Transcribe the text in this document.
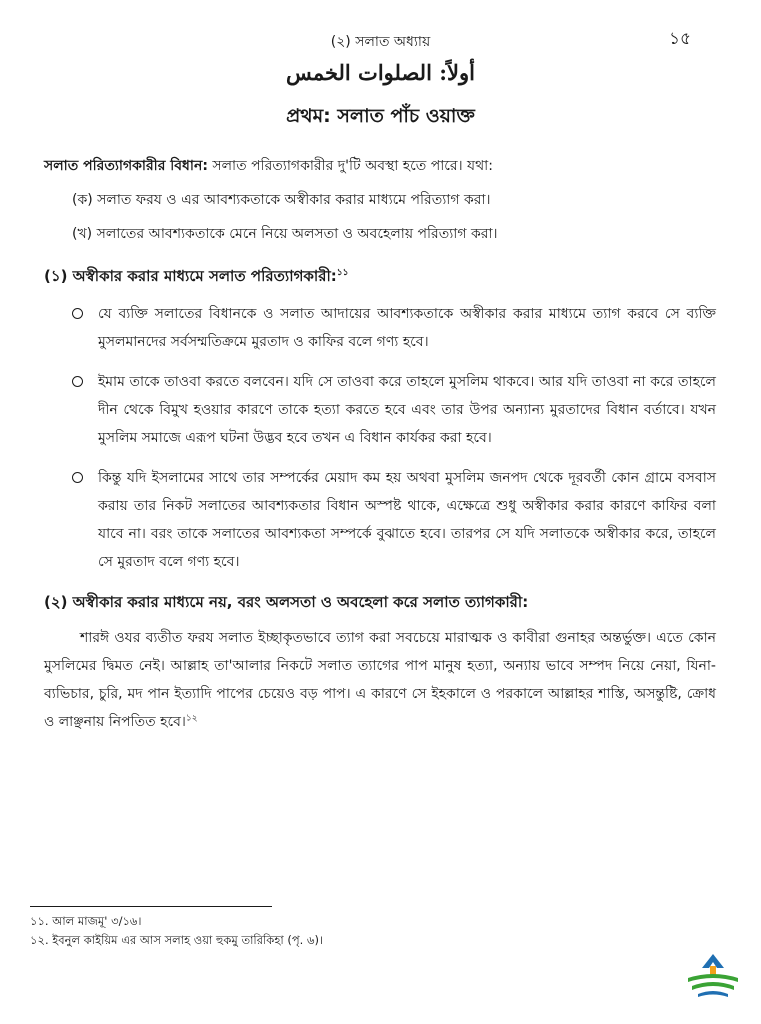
(২) সলাত অধ্যায়	১৫
أولاً: الصلوات الخمس
প্রথম: সলাত পাঁচ ওয়াক্ত

সলাত পরিত্যাগকারীর বিধান: সলাত পরিত্যাগকারীর দু'টি অবস্থা হতে পারে। যথা:

(ক) সলাত ফরয ও এর আবশ্যকতাকে অস্বীকার করার মাধ্যমে পরিত্যাগ করা।

(খ) সলাতের আবশ্যকতাকে মেনে নিয়ে অলসতা ও অবহেলায় পরিত্যাগ করা।

(১) অস্বীকার করার মাধ্যমে সলাত পরিত্যাগকারী:$^{১১}$
যে ব্যক্তি সলাতের বিধানকে ও সলাত আদায়ের আবশ্যকতাকে অস্বীকার করার মাধ্যমে ত্যাগ করবে সে ব্যক্তি মুসলমানদের সর্বসম্মতিক্রমে মুরতাদ ও কাফির বলে গণ্য হবে।
ইমাম তাকে তাওবা করতে বলবেন। যদি সে তাওবা করে তাহলে মুসলিম থাকবে। আর যদি তাওবা না করে তাহলে দীন থেকে বিমুখ হওয়ার কারণে তাকে হত্যা করতে হবে এবং তার উপর অন্যান্য মুরতাদের বিধান বর্তাবে। যখন মুসলিম সমাজে এরূপ ঘটনা উদ্ভব হবে তখন এ বিধান কার্যকর করা হবে।
কিন্তু যদি ইসলামের সাথে তার সম্পর্কের মেয়াদ কম হয় অথবা মুসলিম জনপদ থেকে দূরবর্তী কোন গ্রামে বসবাস করায় তার নিকট সলাতের আবশ্যকতার বিধান অস্পষ্ট থাকে, এক্ষেত্রে শুধু অস্বীকার করার কারণে কাফির বলা যাবে না। বরং তাকে সলাতের আবশ্যকতা সম্পর্কে বুঝাতে হবে। তারপর সে যদি সলাতকে অস্বীকার করে, তাহলে সে মুরতাদ বলে গণ্য হবে।
(২) অস্বীকার করার মাধ্যমে নয়, বরং অলসতা ও অবহেলা করে সলাত ত্যাগকারী:

শারঈ ওযর ব্যতীত ফরয সলাত ইচ্ছাকৃতভাবে ত্যাগ করা সবচেয়ে মারাত্মক ও কাবীরা গুনাহর অন্তর্ভুক্ত। এতে কোন মুসলিমের দ্বিমত নেই। আল্লাহ তা'আলার নিকটে সলাত ত্যাগের পাপ মানুষ হত্যা, অন্যায় ভাবে সম্পদ নিয়ে নেয়া, যিনা-ব্যভিচার, চুরি, মদ পান ইত্যাদি পাপের চেয়েও বড় পাপ। এ কারণে সে ইহকালে ও পরকালে আল্লাহর শাস্তি, অসন্তুষ্টি, ক্রোধ ও লাঞ্ছনায় নিপতিত হবে।$^{১২}$

১১. আল মাজমূ' ৩/১৬।
১২. ইবনুল কাইয়িম এর আস সলাহ ওয়া হুকমু তারিকিহা (পৃ. ৬)।
